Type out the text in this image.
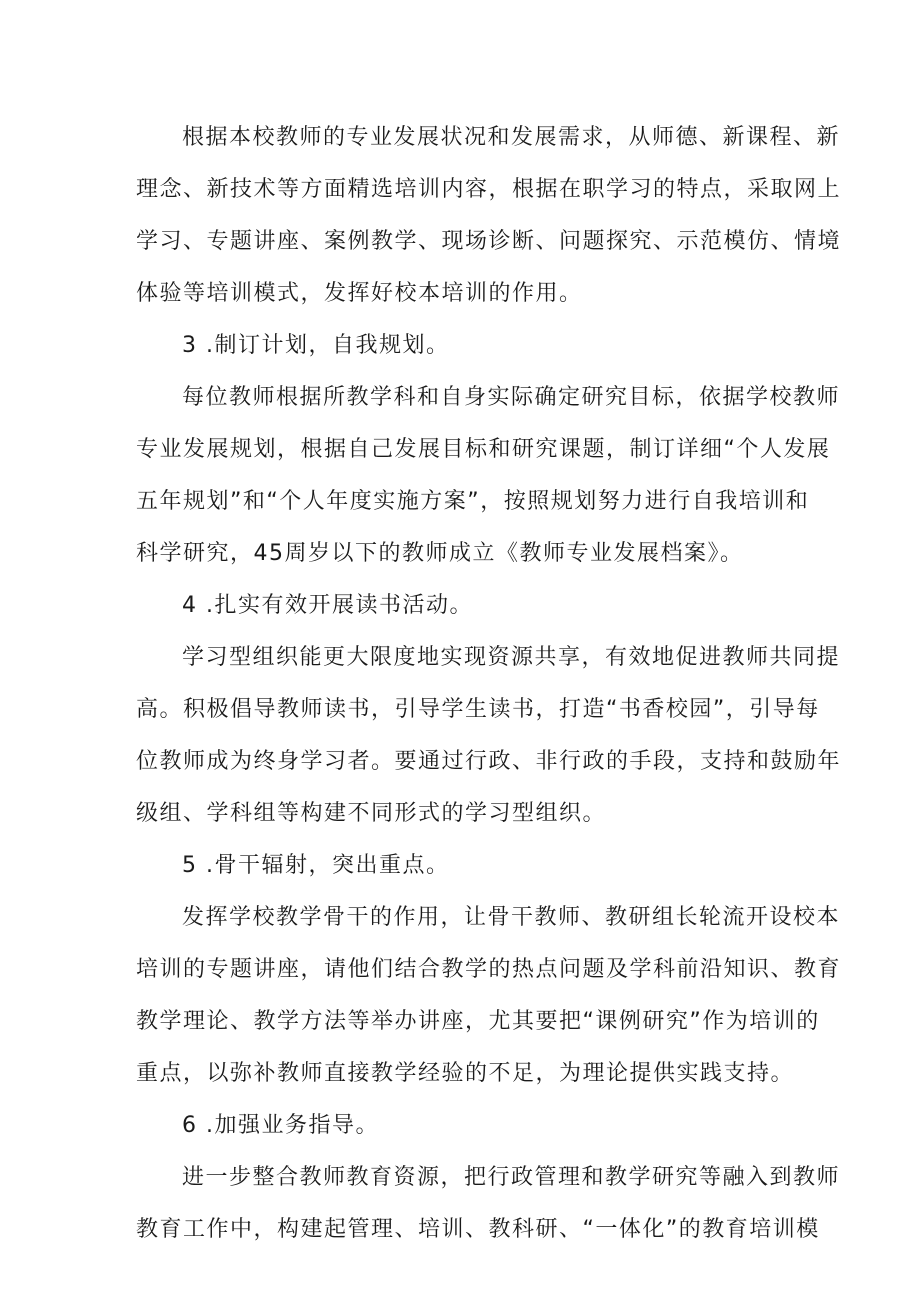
根据本校教师的专业发展状况和发展需求，从师德、新课程、新
理念、新技术等方面精选培训内容，根据在职学习的特点，采取网上
学习、专题讲座、案例教学、现场诊断、问题探究、示范模仿、情境
体验等培训模式，发挥好校本培训的作用。
3 .制订计划，自我规划。
每位教师根据所教学科和自身实际确定研究目标，依据学校教师
专业发展规划，根据自己发展目标和研究课题，制订详细“个人发展
五年规划”和“个人年度实施方案”，按照规划努力进行自我培训和
科学研究，45周岁以下的教师成立《教师专业发展档案》。
4 .扎实有效开展读书活动。
学习型组织能更大限度地实现资源共享，有效地促进教师共同提
高。积极倡导教师读书，引导学生读书，打造“书香校园”，引导每
位教师成为终身学习者。要通过行政、非行政的手段，支持和鼓励年
级组、学科组等构建不同形式的学习型组织。
5 .骨干辐射，突出重点。
发挥学校教学骨干的作用，让骨干教师、教研组长轮流开设校本
培训的专题讲座，请他们结合教学的热点问题及学科前沿知识、教育
教学理论、教学方法等举办讲座，尤其要把“课例研究”作为培训的
重点，以弥补教师直接教学经验的不足，为理论提供实践支持。
6 .加强业务指导。
进一步整合教师教育资源，把行政管理和教学研究等融入到教师
教育工作中，构建起管理、培训、教科研、“一体化”的教育培训模
